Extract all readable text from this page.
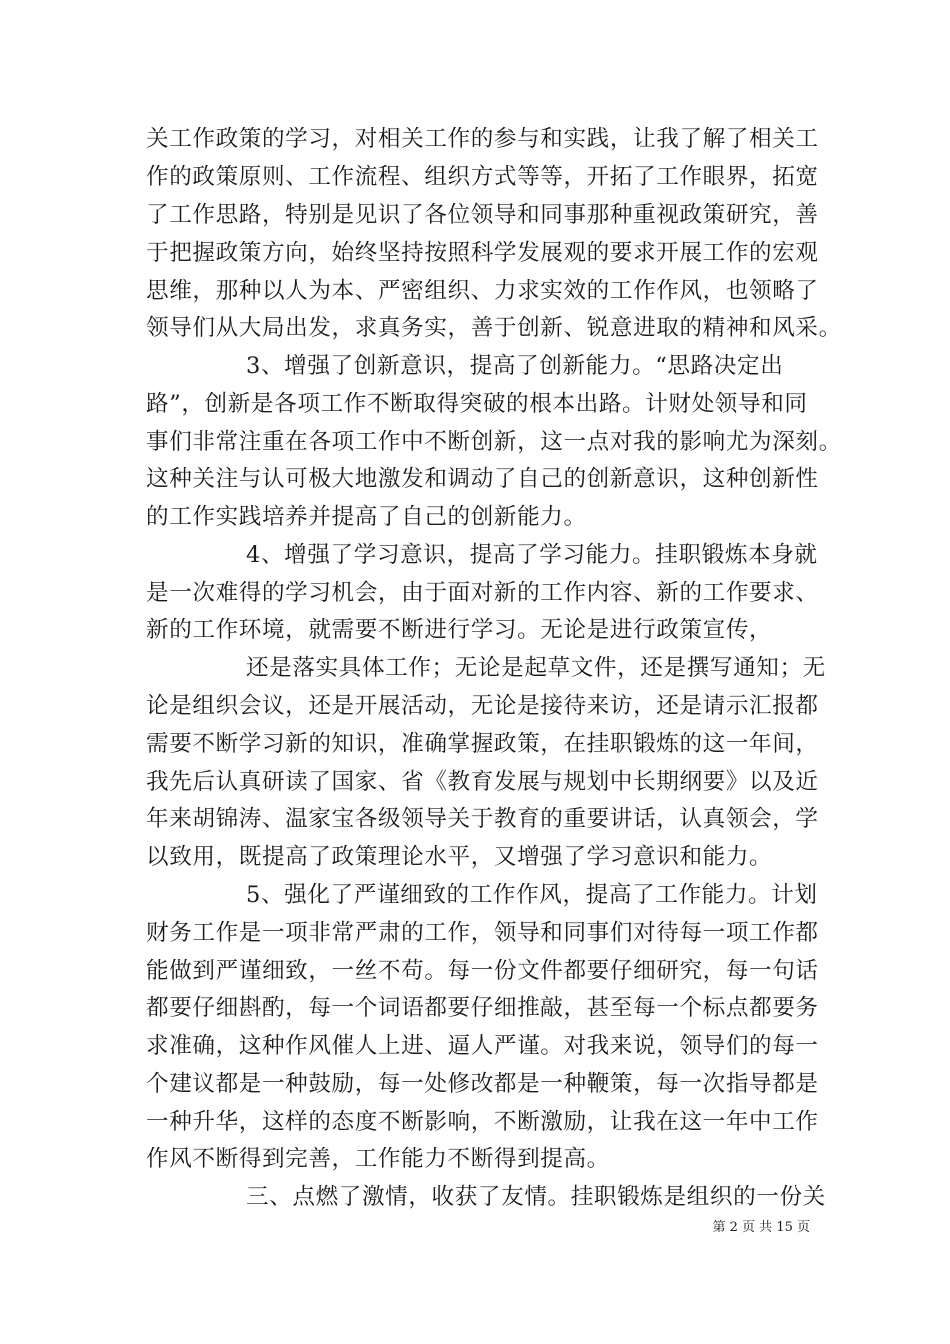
关工作政策的学习，对相关工作的参与和实践，让我了解了相关工
作的政策原则、工作流程、组织方式等等，开拓了工作眼界，拓宽
了工作思路，特别是见识了各位领导和同事那种重视政策研究，善
于把握政策方向，始终坚持按照科学发展观的要求开展工作的宏观
思维，那种以人为本、严密组织、力求实效的工作作风，也领略了
领导们从大局出发，求真务实，善于创新、锐意进取的精神和风采。
3、增强了创新意识，提高了创新能力。“思路决定出
路”，创新是各项工作不断取得突破的根本出路。计财处领导和同
事们非常注重在各项工作中不断创新，这一点对我的影响尤为深刻。
这种关注与认可极大地激发和调动了自己的创新意识，这种创新性
的工作实践培养并提高了自己的创新能力。
4、增强了学习意识，提高了学习能力。挂职锻炼本身就
是一次难得的学习机会，由于面对新的工作内容、新的工作要求、
新的工作环境，就需要不断进行学习。无论是进行政策宣传，
还是落实具体工作；无论是起草文件，还是撰写通知；无
论是组织会议，还是开展活动，无论是接待来访，还是请示汇报都
需要不断学习新的知识，准确掌握政策，在挂职锻炼的这一年间，
我先后认真研读了国家、省《教育发展与规划中长期纲要》以及近
年来胡锦涛、温家宝各级领导关于教育的重要讲话，认真领会，学
以致用，既提高了政策理论水平，又增强了学习意识和能力。
5、强化了严谨细致的工作作风，提高了工作能力。计划
财务工作是一项非常严肃的工作，领导和同事们对待每一项工作都
能做到严谨细致，一丝不苟。每一份文件都要仔细研究，每一句话
都要仔细斟酌，每一个词语都要仔细推敲，甚至每一个标点都要务
求准确，这种作风催人上进、逼人严谨。对我来说，领导们的每一
个建议都是一种鼓励，每一处修改都是一种鞭策，每一次指导都是
一种升华，这样的态度不断影响，不断激励，让我在这一年中工作
作风不断得到完善，工作能力不断得到提高。
三、点燃了激情，收获了友情。挂职锻炼是组织的一份关
第 2 页 共 15 页
